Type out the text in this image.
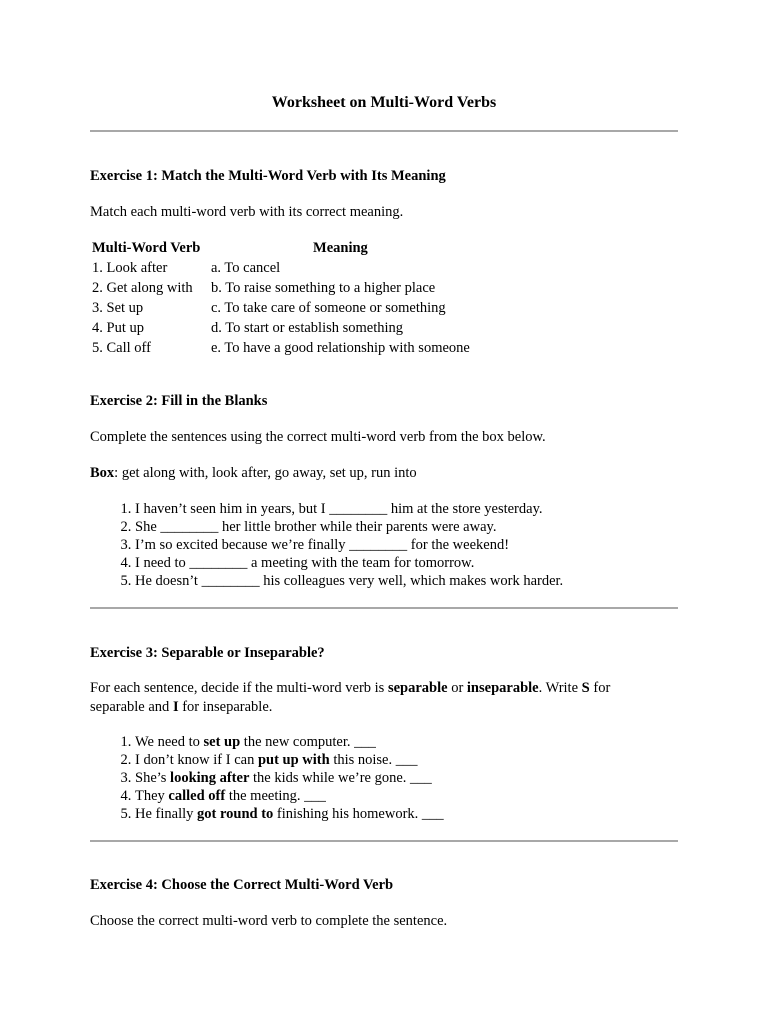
Worksheet on Multi-Word Verbs
Exercise 1: Match the Multi-Word Verb with Its Meaning
Match each multi-word verb with its correct meaning.
Multi-Word Verb	Meaning
1. Look after	a. To cancel
2. Get along with	b. To raise something to a higher place
3. Set up	c. To take care of someone or something
4. Put up	d. To start or establish something
5. Call off	e. To have a good relationship with someone
Exercise 2: Fill in the Blanks
Complete the sentences using the correct multi-word verb from the box below.
Box: get along with, look after, go away, set up, run into
1. I haven’t seen him in years, but I ________ him at the store yesterday.
2. She ________ her little brother while their parents were away.
3. I’m so excited because we’re finally ________ for the weekend!
4. I need to ________ a meeting with the team for tomorrow.
5. He doesn’t ________ his colleagues very well, which makes work harder.
Exercise 3: Separable or Inseparable?
For each sentence, decide if the multi-word verb is separable or inseparable. Write S for separable and I for inseparable.
1. We need to set up the new computer. ___
2. I don’t know if I can put up with this noise. ___
3. She’s looking after the kids while we’re gone. ___
4. They called off the meeting. ___
5. He finally got round to finishing his homework. ___
Exercise 4: Choose the Correct Multi-Word Verb
Choose the correct multi-word verb to complete the sentence.
